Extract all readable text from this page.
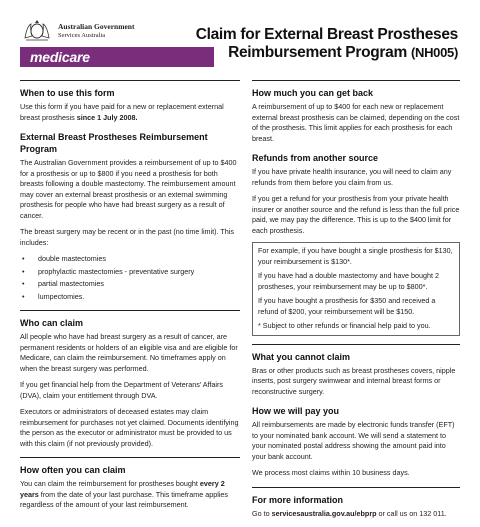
Australian Government
Services Australia
medicare
Claim for External Breast Prostheses
Reimbursement Program (NH005)
When to use this form

Use this form if you have paid for a new or replacement external breast prosthesis since 1 July 2008.

External Breast Prostheses Reimbursement Program

The Australian Government provides a reimbursement of up to $400 for a prosthesis or up to $800 if you need a prosthesis for both breasts following a double mastectomy. The reimbursement amount may cover an external breast prosthesis or an external swimming prosthesis for people who have had breast surgery as a result of cancer.

The breast surgery may be recent or in the past (no time limit). This includes:

• double mastectomies
• prophylactic mastectomies - preventative surgery
• partial mastectomies
• lumpectomies.
Who can claim

All people who have had breast surgery as a result of cancer, are permanent residents or holders of an eligible visa and are eligible for Medicare, can claim the reimbursement. No timeframes apply on when the breast surgery was performed.

If you get financial help from the Department of Veterans' Affairs (DVA), claim your entitlement through DVA.

Executors or administrators of deceased estates may claim reimbursement for purchases not yet claimed. Documents identifying the person as the executor or administrator must be provided to us with this claim (if not previously provided).

How often you can claim

You can claim the reimbursement for prostheses bought every 2 years from the date of your last purchase. This timeframe applies regardless of the amount of your last reimbursement.

How much you can get back

A reimbursement of up to $400 for each new or replacement external breast prosthesis can be claimed, depending on the cost of the prosthesis. This limit applies for each prosthesis for each breast.

Refunds from another source

If you have private health insurance, you will need to claim any refunds from them before you claim from us.

If you get a refund for your prosthesis from your private health insurer or another source and the refund is less than the full price paid, we may pay the difference. This is up to the $400 limit for each prosthesis.

For example, if you have bought a single prosthesis for $130, your reimbursement is $130*.

If you have had a double mastectomy and have bought 2 prostheses, your reimbursement may be up to $800*.

If you have bought a prosthesis for $350 and received a refund of $200, your reimbursement will be $150.

* Subject to other refunds or financial help paid to you.

What you cannot claim

Bras or other products such as breast prostheses covers, nipple inserts, post surgery swimwear and internal breast forms or reconstructive surgery.

How we will pay you

All reimbursements are made by electronic funds transfer (EFT) to your nominated bank account. We will send a statement to your nominated postal address showing the amount paid into your bank account.

We process most claims within 10 business days.

For more information

Go to servicesaustralia.gov.au/ebprp or call us on 132 011.
